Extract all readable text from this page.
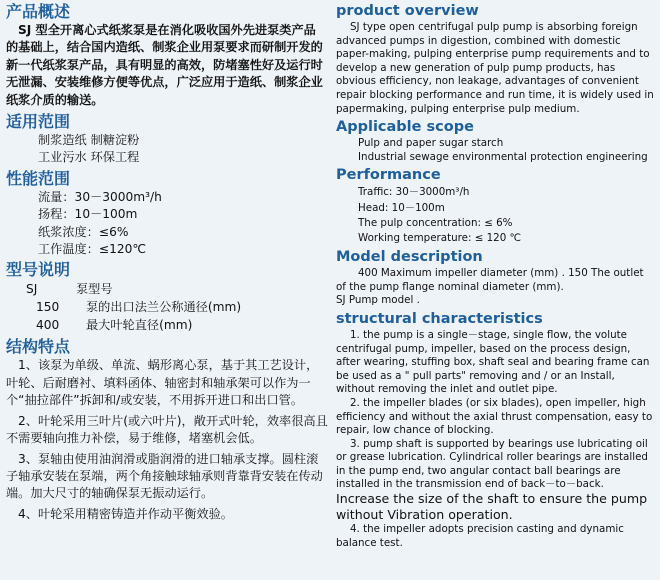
产品概述

SJ 型全开离心式纸浆泵是在消化吸收国外先进泵类产品的基础上，结合国内造纸、制浆企业用泵要求而研制开发的新一代纸浆泵产品，具有明显的高效，防堵塞性好及运行时无泄漏、安装维修方便等优点，广泛应用于造纸、制浆企业纸浆介质的输送。

适用范围

制浆造纸 制糖淀粉

工业污水 环保工程

性能范围

流量：30－3000m³/h

扬程：10－100m

纸浆浓度：≤6%

工作温度：≤120℃

型号说明
SJ	泵型号
150	泵的出口法兰公称通径(mm)
400	最大叶轮直径(mm)
结构特点

1、该泵为单级、单流、蜗形离心泵，基于其工艺设计，叶轮、后耐磨衬、填料函体、轴密封和轴承架可以作为一个“抽拉部件”拆卸和/或安装，不用拆开进口和出口管。

2、叶轮采用三叶片(或六叶片)，敞开式叶轮，效率很高且不需要轴向推力补偿，易于维修，堵塞机会低。

3、泵轴由使用油润滑或脂润滑的进口轴承支撑。圆柱滚子轴承安装在泵端，两个角接触球轴承则背靠背安装在传动端。加大尺寸的轴确保泵无振动运行。

4、叶轮采用精密铸造并作动平衡效验。

product overview

SJ type open centrifugal pulp pump is absorbing foreign advanced pumps in digestion, combined with domestic paper-making, pulping enterprise pump requirements and to develop a new generation of pulp pump products, has obvious efficiency, non leakage, advantages of convenient repair blocking performance and run time, it is widely used in papermaking, pulping enterprise pulp medium.

Applicable scope

Pulp and paper sugar starch

Industrial sewage environmental protection engineering

Performance

Traffic: 30－3000m³/h

Head: 10－100m

The pulp concentration: ≤ 6%

Working temperature: ≤ 120 ℃

Model description

400 Maximum impeller diameter (mm) . 150 The outlet of the pump flange nominal diameter (mm).

SJ Pump model .

structural characteristics

1. the pump is a single－stage, single flow, the volute centrifugal pump, impeller, based on the process design, after wearing, stuffing box, shaft seal and bearing frame can be used as a " pull parts" removing and / or an Install, without removing the inlet and outlet pipe.

2. the impeller blades (or six blades), open impeller, high efficiency and without the axial thrust compensation, easy to repair, low chance of blocking.

3. pump shaft is supported by bearings use lubricating oil or grease lubrication. Cylindrical roller bearings are installed in the pump end, two angular contact ball bearings are installed in the transmission end of back－to－back. Increase the size of the shaft to ensure the pump without Vibration operation.

4. the impeller adopts precision casting and dynamic balance test.
